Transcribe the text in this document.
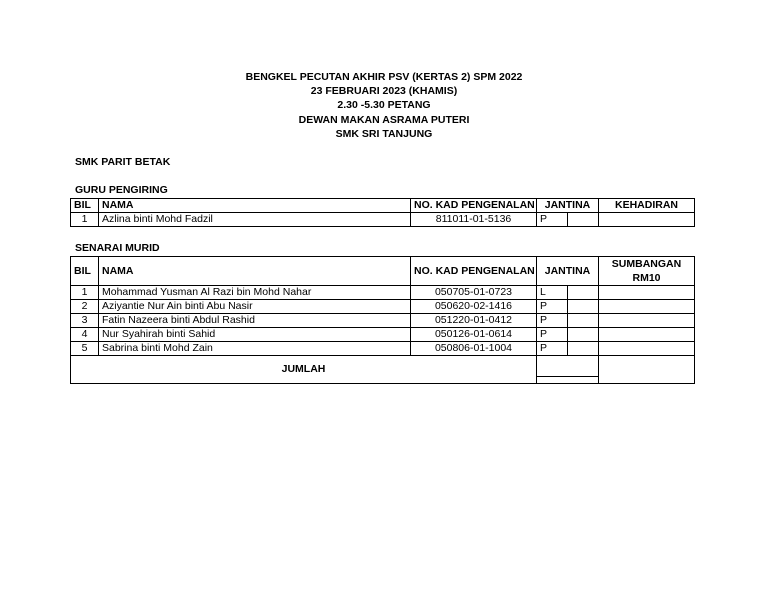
BENGKEL PECUTAN AKHIR PSV (KERTAS 2) SPM 2022
23 FEBRUARI 2023 (KHAMIS)
2.30 -5.30 PETANG
DEWAN MAKAN ASRAMA PUTERI
SMK SRI TANJUNG
SMK PARIT BETAK
GURU PENGIRING
BIL	NAMA	NO. KAD PENGENALAN	JANTINA		KEHADIRAN
1	Azlina binti Mohd Fadzil	811011-01-5136	P		
SENARAI MURID
BIL	NAMA	NO. KAD PENGENALAN	JANTINA		SUMBANGAN
RM10

1	Mohammad Yusman Al Razi bin Mohd Nahar	050705-01-0723	L		
2	Aziyantie Nur Ain binti Abu Nasir	050620-02-1416	P		
3	Fatin Nazeera binti Abdul Rashid	051220-01-0412	P		
4	Nur Syahirah binti Sahid	050126-01-0614	P		
5	Sabrina binti Mohd Zain	050806-01-1004	P		
JUMLAH				
